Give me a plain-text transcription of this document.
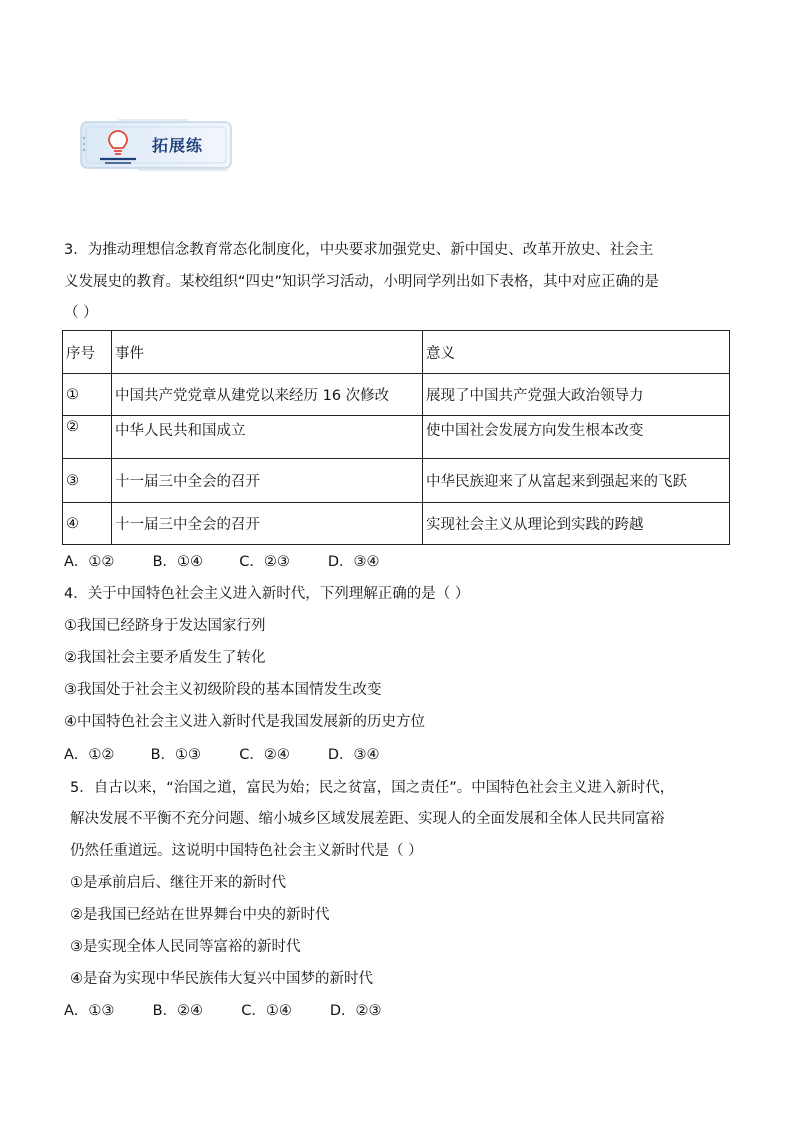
拓展练
3．为推动理想信念教育常态化制度化，中央要求加强党史、新中国史、改革开放史、社会主
义发展史的教育。某校组织“四史”知识学习活动，小明同学列出如下表格，其中对应正确的是
（ ）
序号	事件	意义
①	中国共产党党章从建党以来经历 16 次修改	展现了中国共产党强大政治领导力
②	中华人民共和国成立	使中国社会发展方向发生根本改变
③	十一届三中全会的召开	中华民族迎来了从富起来到强起来的飞跃
④	十一届三中全会的召开	实现社会主义从理论到实践的跨越
A．①②	B．①④ C．②③	D．③④
4．关于中国特色社会主义进入新时代，下列理解正确的是（ ）
①我国已经跻身于发达国家行列
②我国社会主要矛盾发生了转化
③我国处于社会主义初级阶段的基本国情发生改变
④中国特色社会主义进入新时代是我国发展新的历史方位
A．①② B．①③	C．②④	D．③④
5．自古以来，“治国之道，富民为始；民之贫富，国之责任”。中国特色社会主义进入新时代，
解决发展不平衡不充分问题、缩小城乡区域发展差距、实现人的全面发展和全体人民共同富裕
仍然任重道远。这说明中国特色社会主义新时代是（ ）
①是承前启后、继往开来的新时代
②是我国已经站在世界舞台中央的新时代
③是实现全体人民同等富裕的新时代
④是奋为实现中华民族伟大复兴中国梦的新时代
A．①③	B．②④	C．①④	D．②③
